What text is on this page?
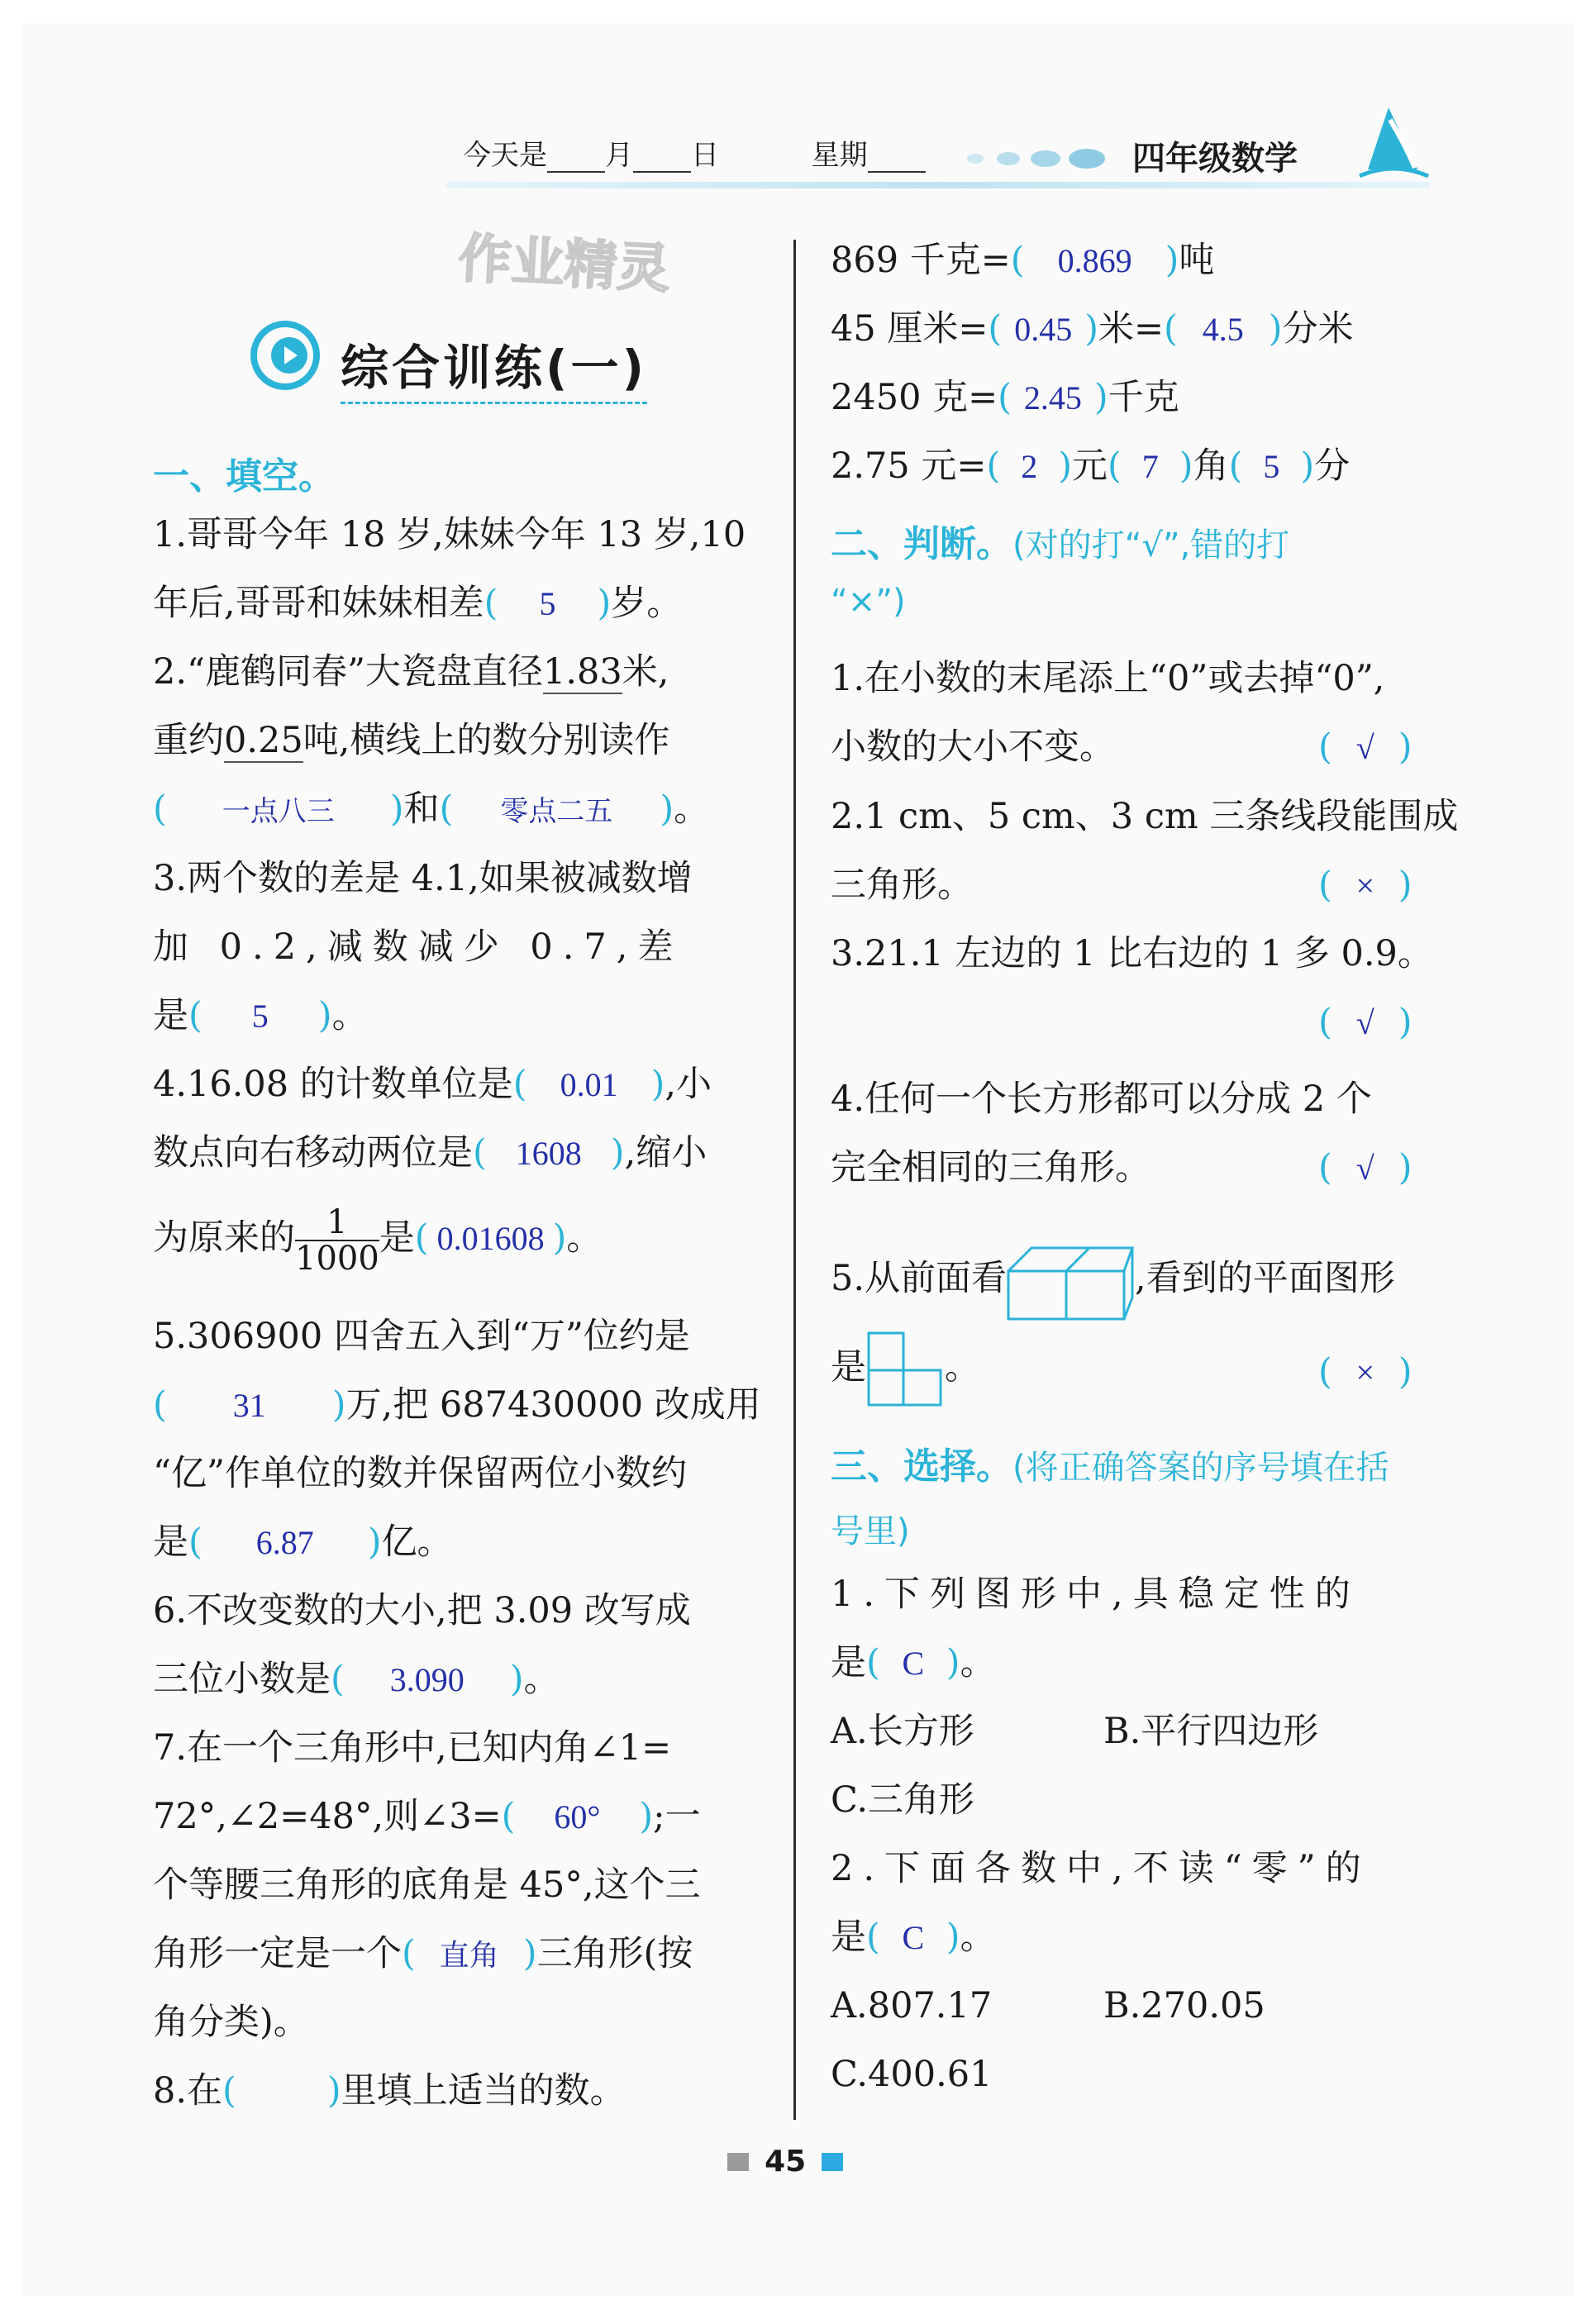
今天是 月 日	星期	四年级数学
作业精灵
综合训练(一)
一、填空。
1.哥哥今年 18 岁,妹妹今年 13 岁,10
年后,哥哥和妹妹相差( 5 )岁。
2.“鹿鹤同春”大瓷盘直径1.83米,
重约0.25吨,横线上的数分别读作
( 一点八三 )和( 零点二五 )。
3.两个数的差是 4.1,如果被减数增
加 0.2,减数减少 0.7,差
是( 5 )。
4.16.08 的计数单位是( 0.01 ),小
数点向右移动两位是( 1608 ),缩小
为原来的 $\frac{1}{1000}$ 是( 0.01608 )。
5.306900 四舍五入到“万”位约是
( 31 )万,把 687430000 改成用
“亿”作单位的数并保留两位小数约
是( 6.87 )亿。
6.不改变数的大小,把 3.09 改写成
三位小数是( 3.090 )。
7.在一个三角形中,已知内角∠1=
72°,∠2=48°,则∠3=( 60° );一
个等腰三角形的底角是 45°,这个三
角形一定是一个( 直角 )三角形(按
角分类)。
8.在(	)里填上适当的数。
869 千克=( 0.869 )吨
45 厘米=( 0.45 )米=( 4.5 )分米
2450 克=( 2.45 )千克
2.75 元=( 2 )元( 7 )角( 5 )分
二、判断。(对的打“√”,错的打
“×”)
1.在小数的末尾添上“0”或去掉“0”,
小数的大小不变。	( √ )
2.1 cm、5 cm、3 cm 三条线段能围成
三角形。	( × )
3.21.1 左边的 1 比右边的 1 多 0.9。
( √ )
4.任何一个长方形都可以分成 2 个
完全相同的三角形。	( √ )
5.从前面看	,看到的平面图形
是 。	( × )
三、选择。(将正确答案的序号填在括
号里)
1.下列图形中,具稳定性的
是( C )。
A.长方形	B.平行四边形
C.三角形
2.下面各数中,不读“零”的
是( C )。
A.807.17	B.270.05
C.400.61
45
